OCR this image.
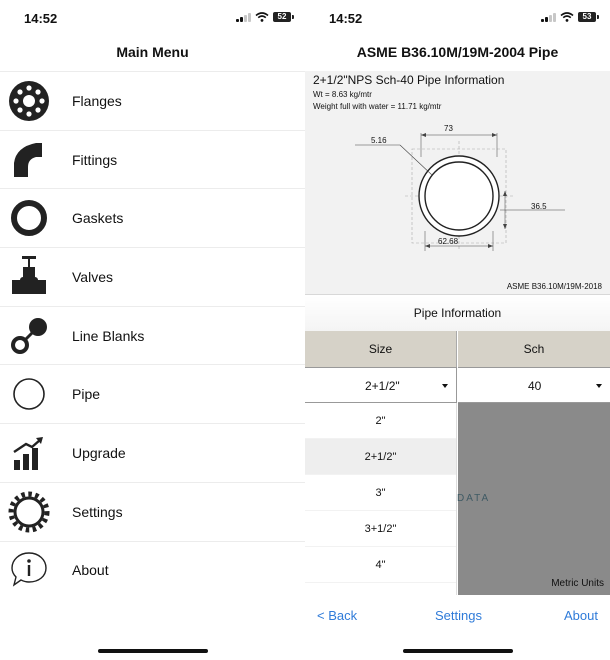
14:52	52
Main Menu
Flanges
Fittings
Gaskets
Valves
Line Blanks
Pipe
Upgrade
Settings
About
14:52	53
ASME B36.10M/19M-2004 Pipe
2+1/2"NPS Sch-40 Pipe Information
Wt = 8.63 kg/mtr
Weight full with water = 11.71 kg/mtr
73
5.16
36.5
62.68
ASME B36.10M/19M-2018
Pipe Information
Size	Sch
2+1/2"	40
DATA
Metric Units
2"
2+1/2"
3"
3+1/2"
4"
< Back	Settings	About
